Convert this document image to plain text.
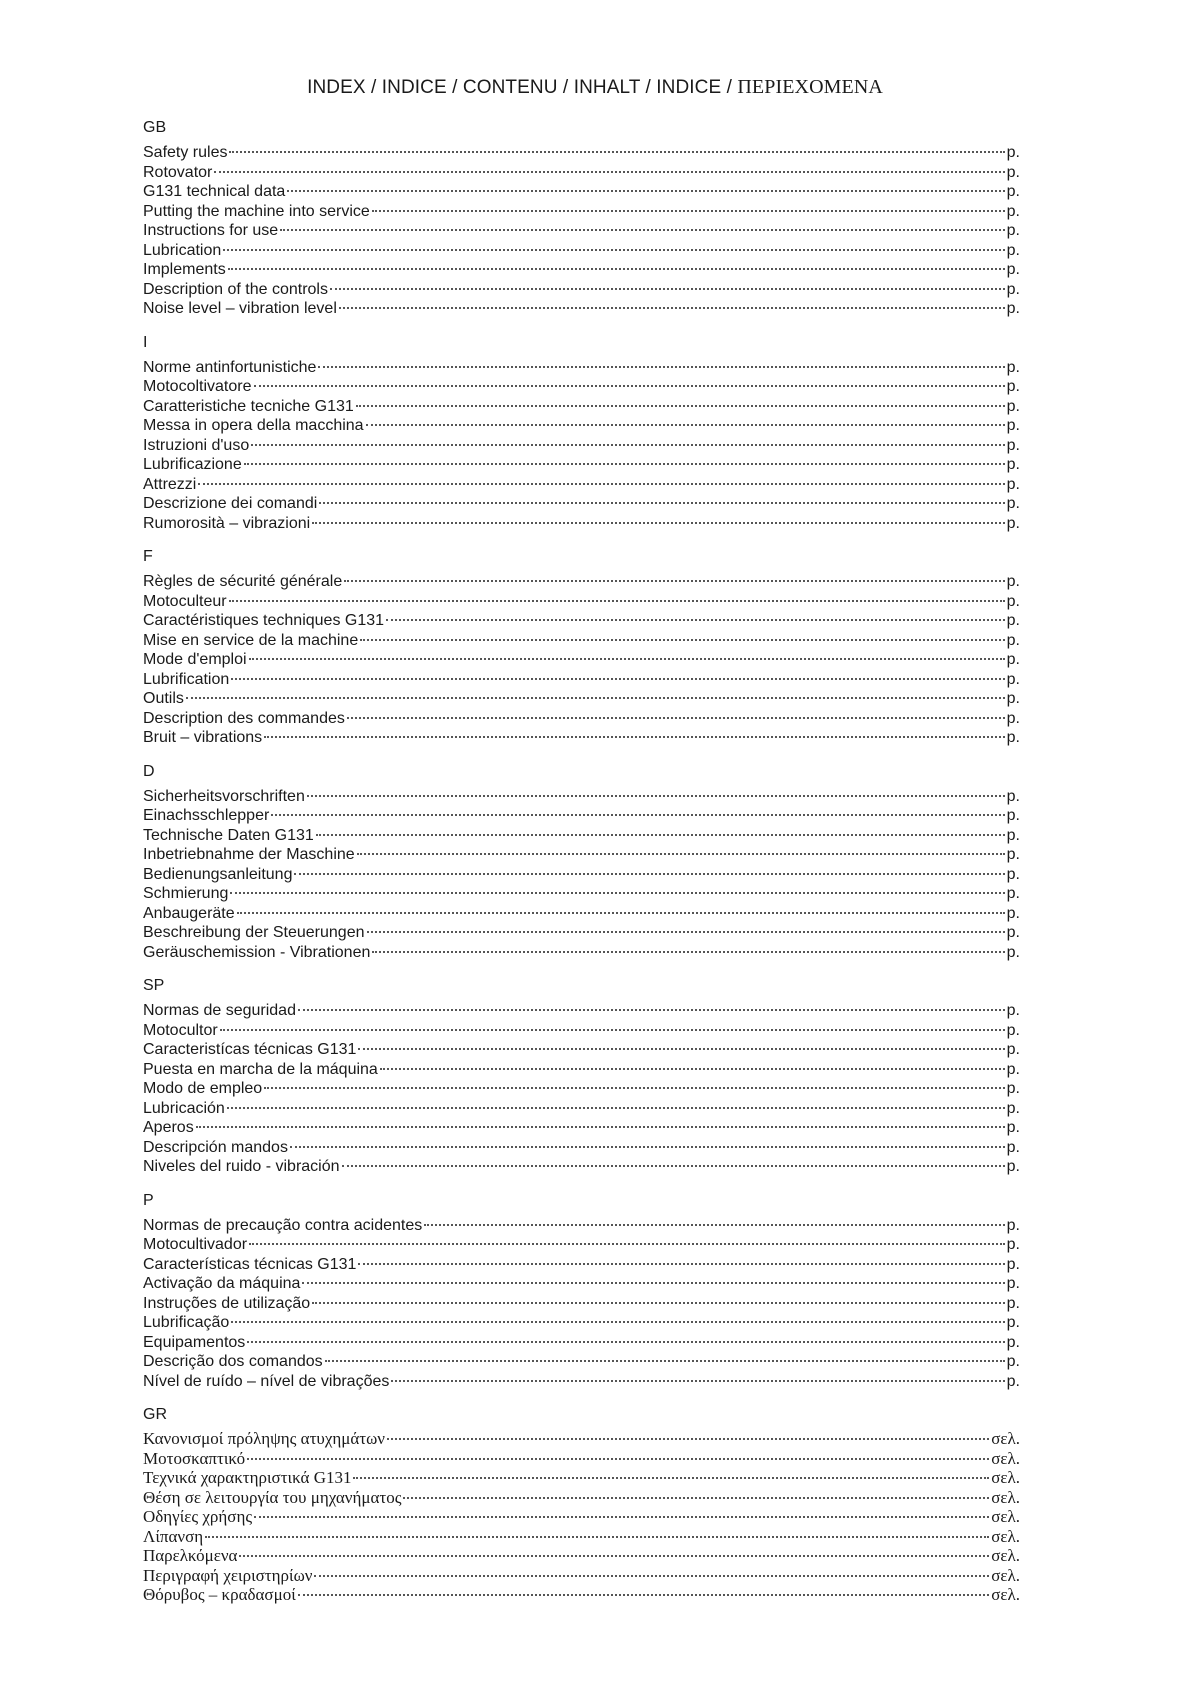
INDEX / INDICE / CONTENU / INHALT / INDICE / ΠΕΡΙΕΧΟΜΕΝΑ
GB
Safety rules	p.
Rotovator	p.
G131 technical data	p.
Putting the machine into service	p.
Instructions for use	p.
Lubrication	p.
Implements	p.
Description of the controls	p.
Noise level – vibration level	p.
I
Norme antinfortunistiche	p.
Motocoltivatore	p.
Caratteristiche tecniche G131	p.
Messa in opera della macchina	p.
Istruzioni d'uso	p.
Lubrificazione	p.
Attrezzi	p.
Descrizione dei comandi	p.
Rumorosità – vibrazioni	p.
F
Règles de sécurité générale	p.
Motoculteur	p.
Caractéristiques techniques G131	p.
Mise en service de la machine	p.
Mode d'emploi	p.
Lubrification	p.
Outils	p.
Description des commandes	p.
Bruit – vibrations	p.
D
Sicherheitsvorschriften	p.
Einachsschlepper	p.
Technische Daten G131	p.
Inbetriebnahme der Maschine	p.
Bedienungsanleitung	p.
Schmierung	p.
Anbaugeräte	p.
Beschreibung der Steuerungen	p.
Geräuschemission - Vibrationen	p.
SP
Normas de seguridad	p.
Motocultor	p.
Caracteristícas técnicas G131	p.
Puesta en marcha de la máquina	p.
Modo de empleo	p.
Lubricación	p.
Aperos	p.
Descripción mandos	p.
Niveles del ruido - vibración	p.
P
Normas de precaução contra acidentes	p.
Motocultivador	p.
Características técnicas G131	p.
Activação da máquina	p.
Instruções de utilização	p.
Lubrificação	p.
Equipamentos	p.
Descrição dos comandos	p.
Nível de ruído – nível de vibrações	p.
GR
Κανονισμοί πρόληψης ατυχημάτων	σελ.
Μοτοσκαπτικό	σελ.
Τεχνικά χαρακτηριστικά G131	σελ.
Θέση σε λειτουργία του μηχανήματος	σελ.
Οδηγίες χρήσης	σελ.
Λίπανση	σελ.
Παρελκόμενα	σελ.
Περιγραφή χειριστηρίων	σελ.
Θόρυβος – κραδασμοί	σελ.
